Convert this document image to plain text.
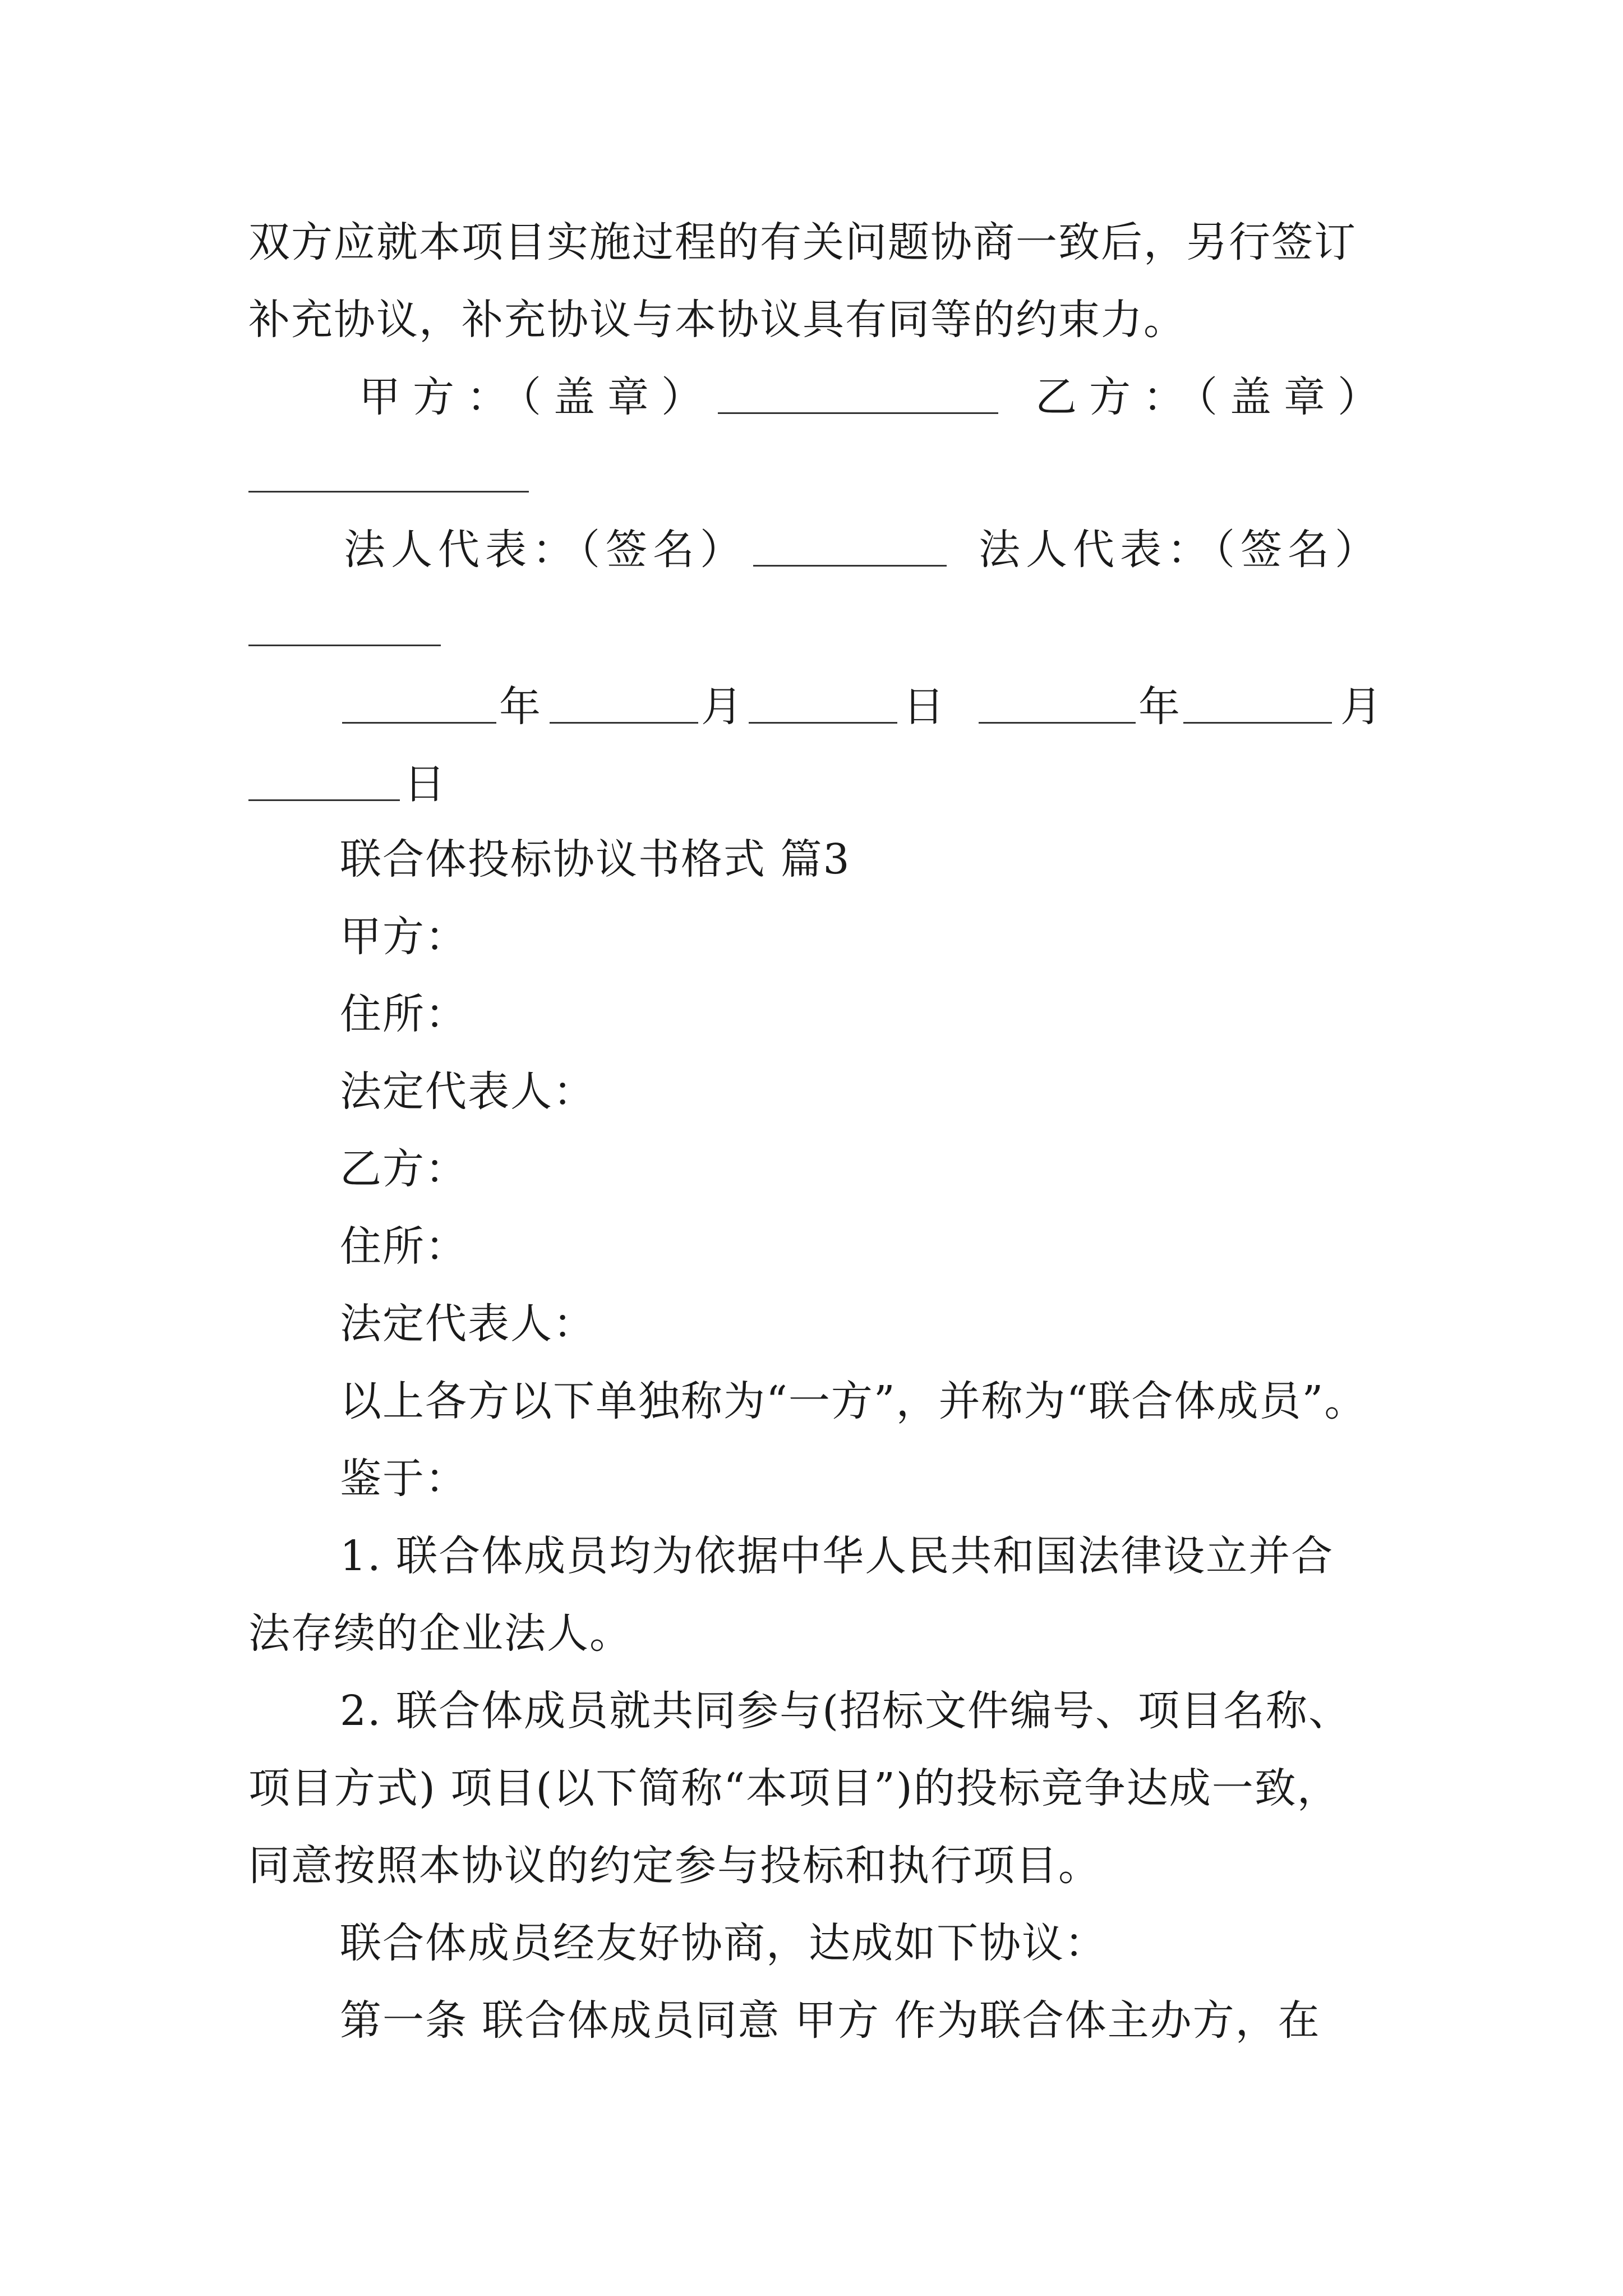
双方应就本项目实施过程的有关问题协商一致后，另行签订
补充协议，补充协议与本协议具有同等的约束力。
甲方：（盖章）	乙方：（盖章）
法人代表：（签名）	法人代表：（签名）
年	月	日	年	月
日
联合体投标协议书格式 篇3
甲方：
住所：
法定代表人：
乙方：
住所：
法定代表人：
以上各方以下单独称为“一方”，并称为“联合体成员”。
鉴于：
1. 联合体成员均为依据中华人民共和国法律设立并合
法存续的企业法人。
2. 联合体成员就共同参与(招标文件编号、项目名称、
项目方式) 项目(以下简称“本项目”)的投标竞争达成一致，
同意按照本协议的约定参与投标和执行项目。
联合体成员经友好协商，达成如下协议：
第一条 联合体成员同意 甲方 作为联合体主办方，在
